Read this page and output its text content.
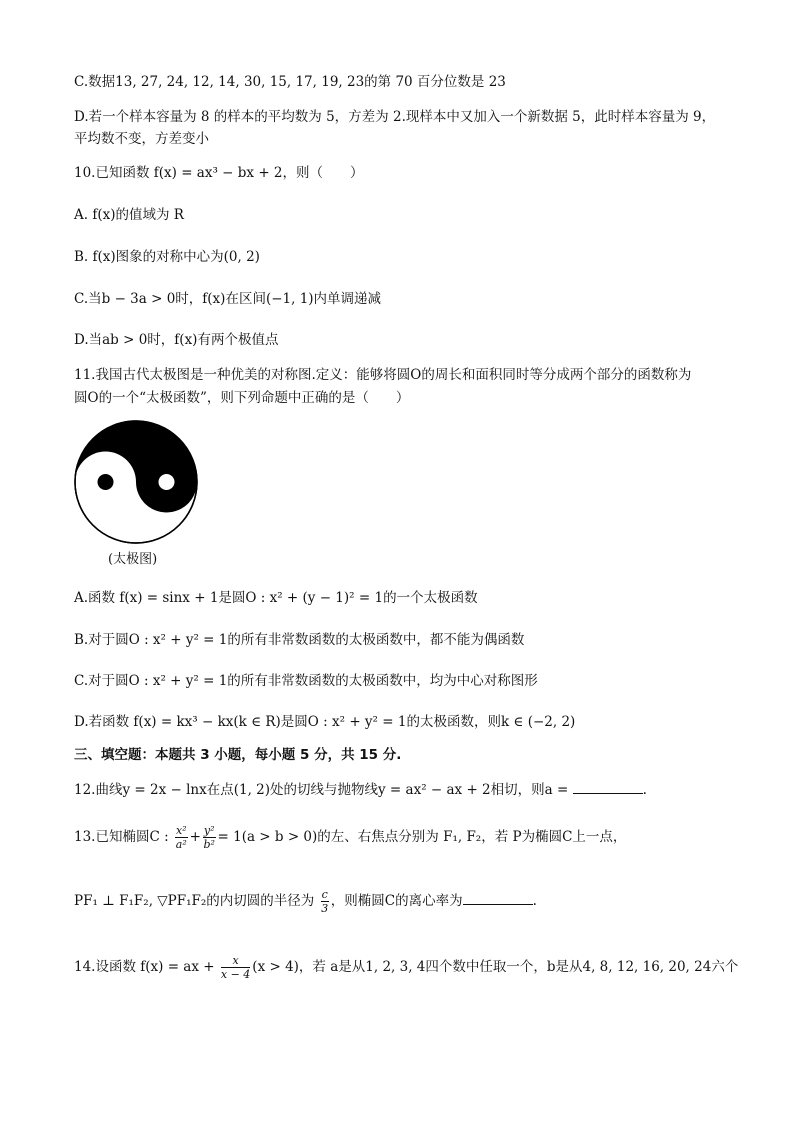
C.数据13, 27, 24, 12, 14, 30, 15, 17, 19, 23的第 70 百分位数是 23
D.若一个样本容量为 8 的样本的平均数为 5，方差为 2.现样本中又加入一个新数据 5，此时样本容量为 9，
平均数不变，方差变小
10.已知函数 f(x) = ax³ − bx + 2，则（　　）
A. f(x)的值域为 R
B. f(x)图象的对称中心为(0, 2)
C.当b − 3a > 0时，f(x)在区间(−1, 1)内单调递减
D.当ab > 0时，f(x)有两个极值点
11.我国古代太极图是一种优美的对称图.定义：能够将圆O的周长和面积同时等分成两个部分的函数称为
圆O的一个“太极函数”，则下列命题中正确的是（　　）
(太极图)
A.函数 f(x) = sinx + 1是圆O : x² + (y − 1)² = 1的一个太极函数
B.对于圆O : x² + y² = 1的所有非常数函数的太极函数中，都不能为偶函数
C.对于圆O : x² + y² = 1的所有非常数函数的太极函数中，均为中心对称图形
D.若函数 f(x) = kx³ − kx(k ∈ R)是圆O : x² + y² = 1的太极函数，则k ∈ (−2, 2)
三、填空题：本题共 3 小题，每小题 5 分，共 15 分.
12.曲线y = 2x − lnx在点(1, 2)处的切线与抛物线y = ax² − ax + 2相切，则a =	.
13.已知椭圆C : $\frac{\text{x²}}{\text{a²}} + \frac{\text{y²}}{\text{b²}} = 1(a > b > 0)$的左、右焦点分别为 F₁, F₂，若 P为椭圆C上一点，
PF₁ ⊥ F₁F₂, ▽PF₁F₂的内切圆的半径为 $\frac{c}{3}$ ，则椭圆C的离心率为	.
14.设函数 f(x) = ax + $\frac{x}{x - 4} (x > 4)$，若 a是从1, 2, 3, 4四个数中任取一个，b是从4, 8, 12, 16, 20, 24六个
